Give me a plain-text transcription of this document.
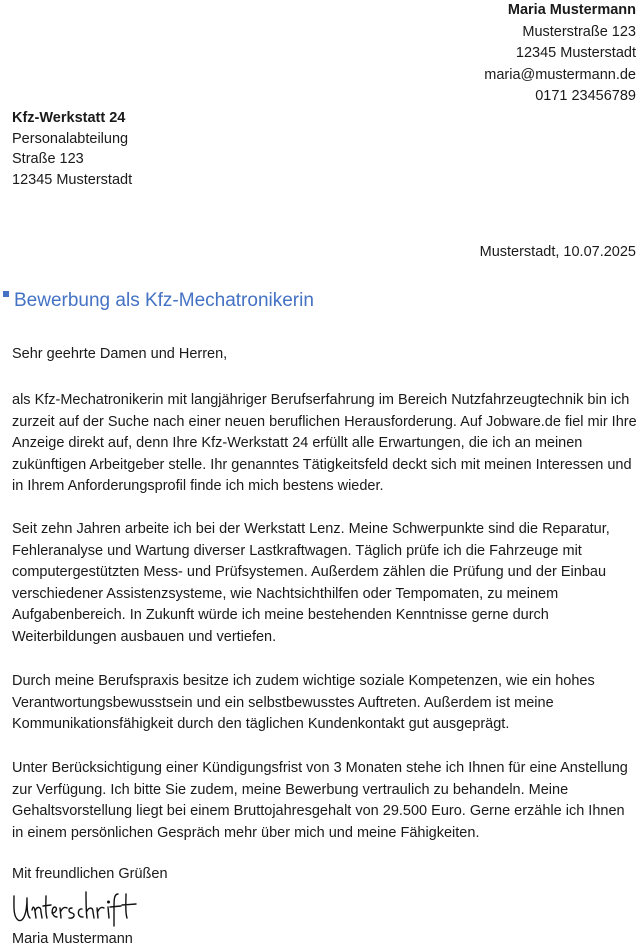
Maria Mustermann
Musterstraße 123
12345 Musterstadt
maria@mustermann.de
0171 23456789
Kfz-Werkstatt 24
Personalabteilung
Straße 123
12345 Musterstadt
Musterstadt, 10.07.2025
Bewerbung als Kfz-Mechatronikerin
Sehr geehrte Damen und Herren,
als Kfz-Mechatronikerin mit langjähriger Berufserfahrung im Bereich Nutzfahrzeugtechnik bin ich zurzeit auf der Suche nach einer neuen beruflichen Herausforderung. Auf Jobware.de fiel mir Ihre Anzeige direkt auf, denn Ihre Kfz-Werkstatt 24 erfüllt alle Erwartungen, die ich an meinen zukünftigen Arbeitgeber stelle. Ihr genanntes Tätigkeitsfeld deckt sich mit meinen Interessen und in Ihrem Anforderungsprofil finde ich mich bestens wieder.
Seit zehn Jahren arbeite ich bei der Werkstatt Lenz. Meine Schwerpunkte sind die Reparatur, Fehleranalyse und Wartung diverser Lastkraftwagen. Täglich prüfe ich die Fahrzeuge mit computergestützten Mess- und Prüfsystemen. Außerdem zählen die Prüfung und der Einbau verschiedener Assistenzsysteme, wie Nachtsichthilfen oder Tempomaten, zu meinem Aufgabenbereich. In Zukunft würde ich meine bestehenden Kenntnisse gerne durch Weiterbildungen ausbauen und vertiefen.
Durch meine Berufspraxis besitze ich zudem wichtige soziale Kompetenzen, wie ein hohes Verantwortungsbewusstsein und ein selbstbewusstes Auftreten. Außerdem ist meine Kommunikationsfähigkeit durch den täglichen Kundenkontakt gut ausgeprägt.
Unter Berücksichtigung einer Kündigungsfrist von 3 Monaten stehe ich Ihnen für eine Anstellung zur Verfügung. Ich bitte Sie zudem, meine Bewerbung vertraulich zu behandeln. Meine Gehaltsvorstellung liegt bei einem Bruttojahresgehalt von 29.500 Euro. Gerne erzähle ich Ihnen in einem persönlichen Gespräch mehr über mich und meine Fähigkeiten.
Mit freundlichen Grüßen
Maria Mustermann
